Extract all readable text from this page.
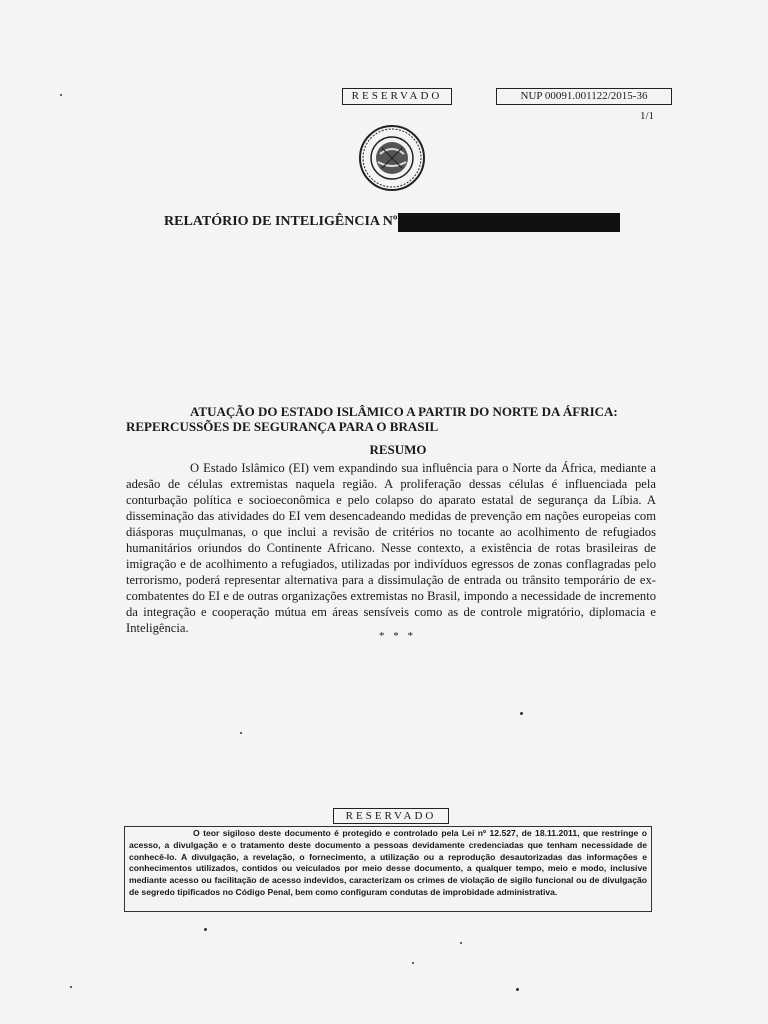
RESERVADO	NUP 00091.001122/2015-36
1/1
RELATÓRIO DE INTELIGÊNCIA Nº
ATUAÇÃO DO ESTADO ISLÂMICO A PARTIR DO NORTE DA ÁFRICA:
REPERCUSSÕES DE SEGURANÇA PARA O BRASIL
RESUMO
O Estado Islâmico (EI) vem expandindo sua influência para o Norte da África, mediante a adesão de células extremistas naquela região. A proliferação dessas células é influenciada pela conturbação política e socioeconômica e pelo colapso do aparato estatal de segurança da Líbia. A disseminação das atividades do EI vem desencadeando medidas de prevenção em nações europeias com diásporas muçulmanas, o que inclui a revisão de critérios no tocante ao acolhimento de refugiados humanitários oriundos do Continente Africano. Nesse contexto, a existência de rotas brasileiras de imigração e de acolhimento a refugiados, utilizadas por indivíduos egressos de zonas conflagradas pelo terrorismo, poderá representar alternativa para a dissimulação de entrada ou trânsito temporário de ex-combatentes do EI e de outras organizações extremistas no Brasil, impondo a necessidade de incremento da integração e cooperação mútua em áreas sensíveis como as de controle migratório, diplomacia e Inteligência.
* * *
RESERVADO
O teor sigiloso deste documento é protegido e controlado pela Lei nº 12.527, de 18.11.2011, que restringe o acesso, a divulgação e o tratamento deste documento a pessoas devidamente credenciadas que tenham necessidade de conhecê-lo. A divulgação, a revelação, o fornecimento, a utilização ou a reprodução desautorizadas das informações e conhecimentos utilizados, contidos ou veiculados por meio desse documento, a qualquer tempo, meio e modo, inclusive mediante acesso ou facilitação de acesso indevidos, caracterizam os crimes de violação de sigilo funcional ou de divulgação de segredo tipificados no Código Penal, bem como configuram condutas de improbidade administrativa.
